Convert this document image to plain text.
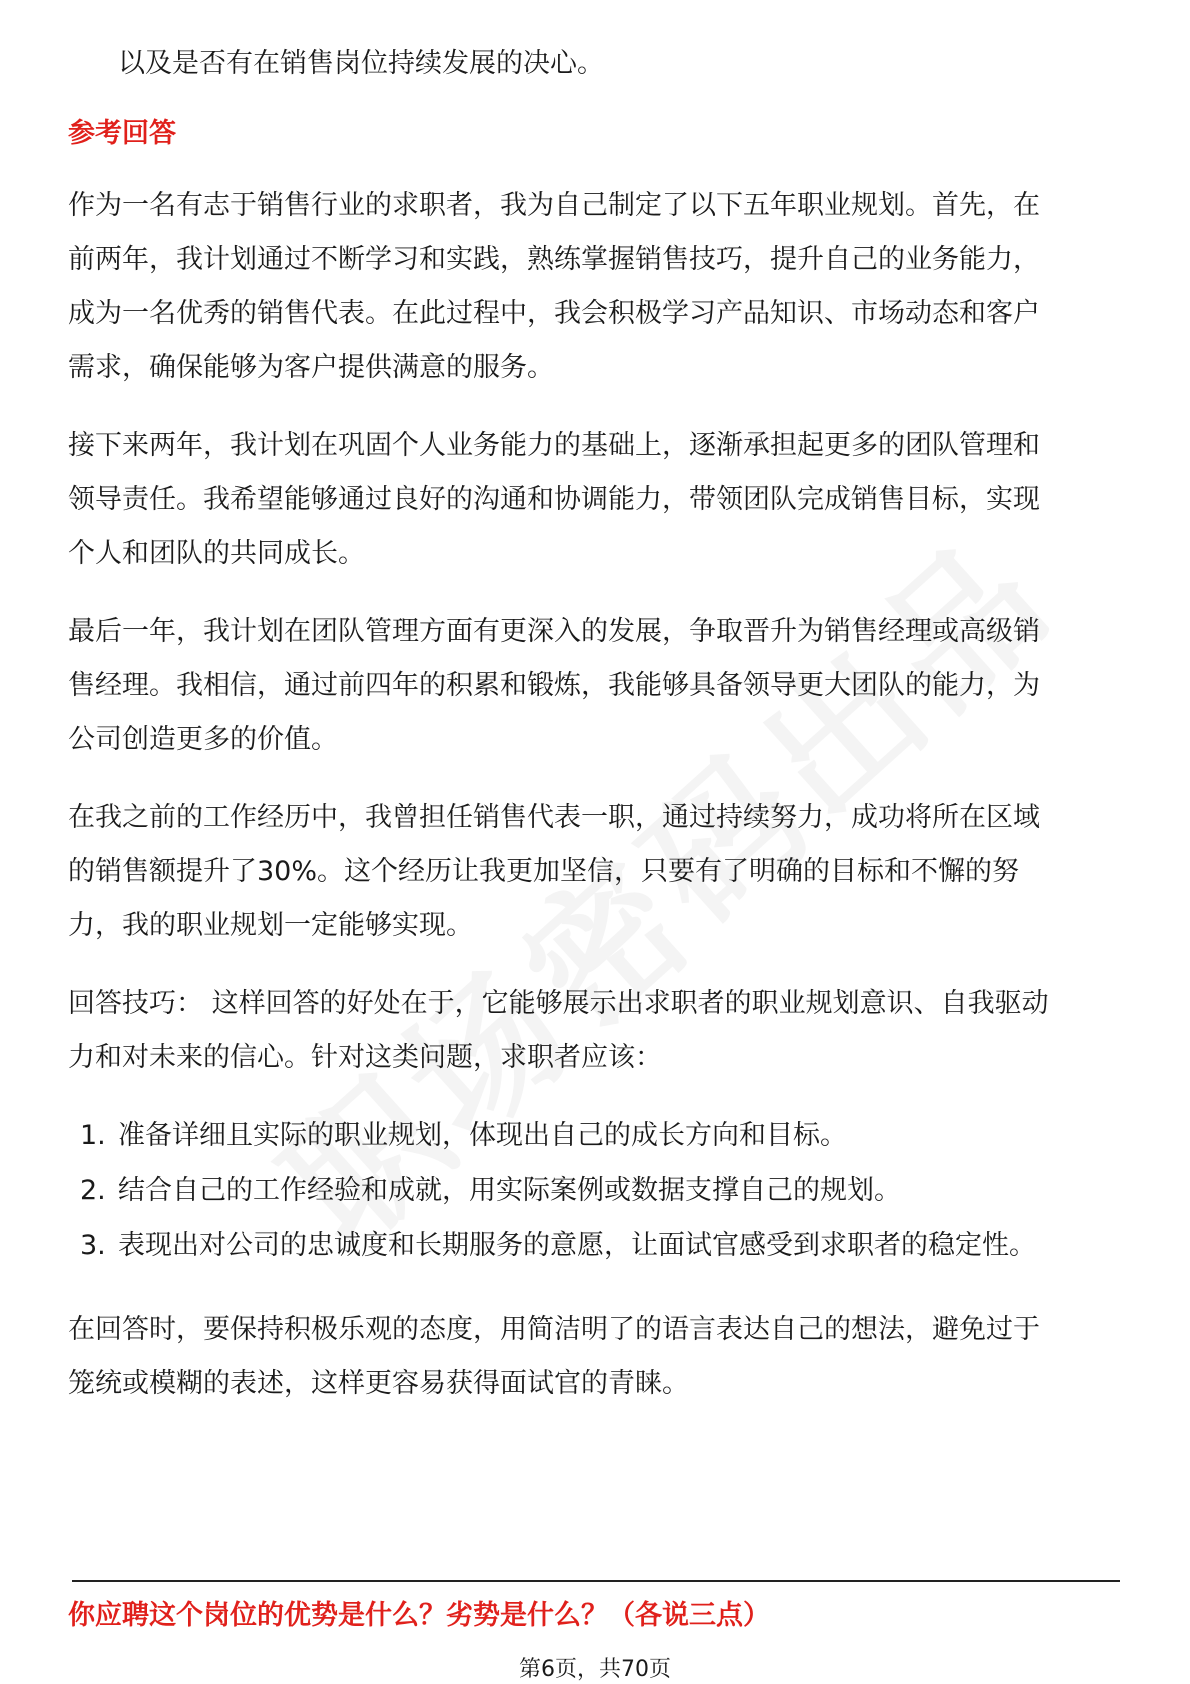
以及是否有在销售岗位持续发展的决心。

参考回答

作为一名有志于销售行业的求职者，我为自己制定了以下五年职业规划。首先，在

前两年，我计划通过不断学习和实践，熟练掌握销售技巧，提升自己的业务能力，

成为一名优秀的销售代表。在此过程中，我会积极学习产品知识、市场动态和客户

需求，确保能够为客户提供满意的服务。

接下来两年，我计划在巩固个人业务能力的基础上，逐渐承担起更多的团队管理和

领导责任。我希望能够通过良好的沟通和协调能力，带领团队完成销售目标，实现

个人和团队的共同成长。

最后一年，我计划在团队管理方面有更深入的发展，争取晋升为销售经理或高级销

售经理。我相信，通过前四年的积累和锻炼，我能够具备领导更大团队的能力，为

公司创造更多的价值。

在我之前的工作经历中，我曾担任销售代表一职，通过持续努力，成功将所在区域

的销售额提升了30%。这个经历让我更加坚信，只要有了明确的目标和不懈的努

力，我的职业规划一定能够实现。

回答技巧： 这样回答的好处在于，它能够展示出求职者的职业规划意识、自我驱动

力和对未来的信心。针对这类问题，求职者应该：

1. 准备详细且实际的职业规划，体现出自己的成长方向和目标。

2. 结合自己的工作经验和成就，用实际案例或数据支撑自己的规划。

3. 表现出对公司的忠诚度和长期服务的意愿，让面试官感受到求职者的稳定性。

在回答时，要保持积极乐观的态度，用简洁明了的语言表达自己的想法，避免过于

笼统或模糊的表述，这样更容易获得面试官的青睐。

你应聘这个岗位的优势是什么？劣势是什么？（各说三点）

第6页，共70页
